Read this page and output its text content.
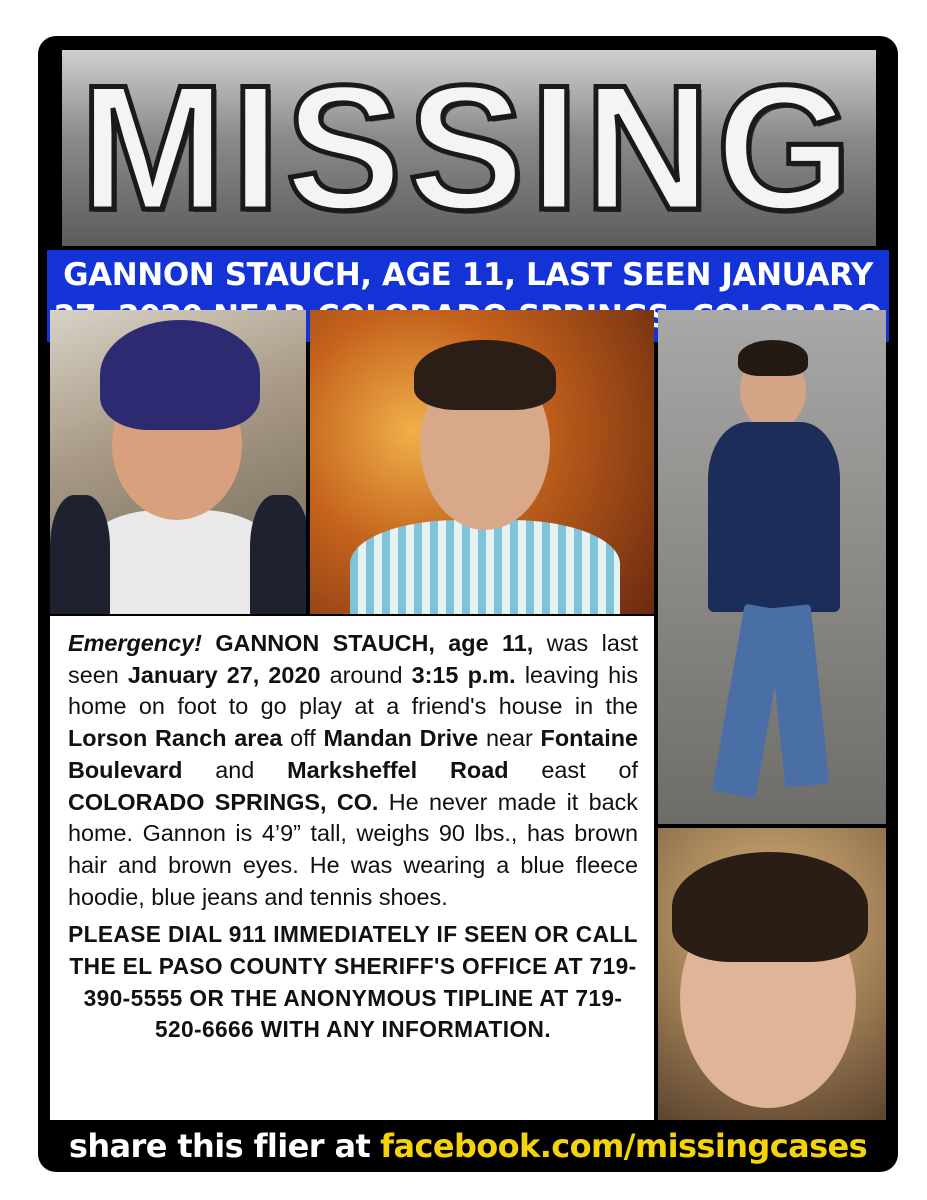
MISSING
GANNON STAUCH, AGE 11, LAST SEEN JANUARY

Emergency! GANNON STAUCH, age 11, was last seen January 27, 2020 around 3:15 p.m. leaving his home on foot to go play at a friend's house in the Lorson Ranch area off Mandan Drive near Fontaine Boulevard and Marksheffel Road east of COLORADO SPRINGS, CO. He never made it back home. Gannon is 4’9” tall, weighs 90 lbs., has brown hair and brown eyes. He was wearing a blue fleece hoodie, blue jeans and tennis shoes.

PLEASE DIAL 911 IMMEDIATELY IF SEEN OR CALL THE EL PASO COUNTY SHERIFF'S OFFICE AT 719-390-5555 OR THE ANONYMOUS TIPLINE AT 719-520-6666 WITH ANY INFORMATION.

share this flier at facebook.com/missingcases
